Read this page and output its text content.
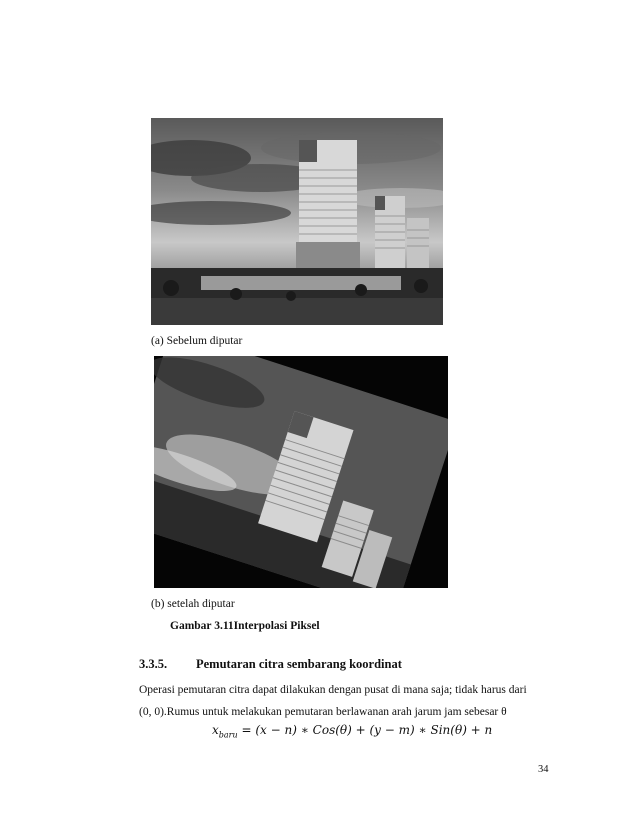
(a) Sebelum diputar
(b) setelah diputar
Gambar 3.11Interpolasi Piksel
3.3.5. Pemutaran citra sembarang koordinat
Operasi pemutaran citra dapat dilakukan dengan pusat di mana saja; tidak harus dari
(0, 0).Rumus untuk melakukan pemutaran berlawanan arah jarum jam sebesar θ
$x_{baru} = (x - n)$ ∗ Cos(θ) + (y − m) ∗ Sin(θ) + n
34
